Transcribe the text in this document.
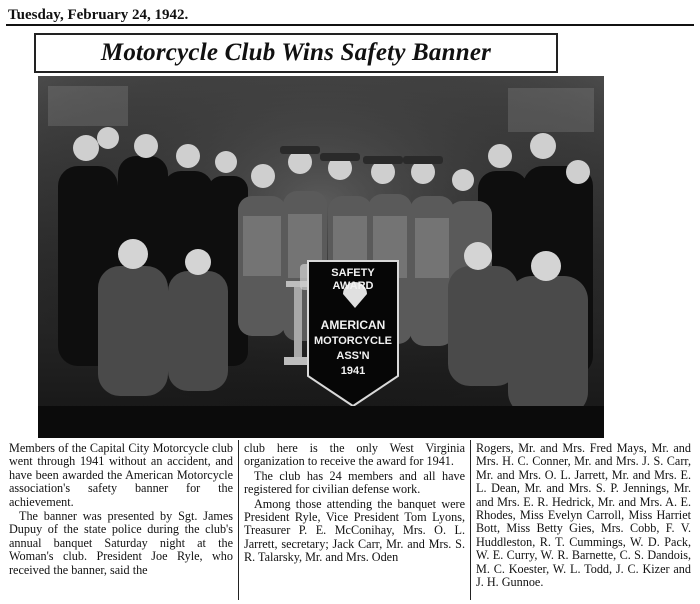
Tuesday, February 24, 1942.
Motorcycle Club Wins Safety Banner
SAFETY
AWARD
AMERICAN
MOTORCYCLE
ASS'N
1941

Members of the Capital City Motorcycle club went through 1941 without an accident, and have been awarded the American Motorcycle association's safety banner for the achievement.

The banner was presented by Sgt. James Dupuy of the state police during the club's annual banquet Saturday night at the Woman's club. President Joe Ryle, who received the banner, said the

club here is the only West Virginia organization to receive the award for 1941.

The club has 24 members and all have registered for civilian defense work.

Among those attending the banquet were President Ryle, Vice President Tom Lyons, Treasurer P. E. McConihay, Mrs. O. L. Jarrett, secretary; Jack Carr, Mr. and Mrs. S. R. Talarsky, Mr. and Mrs. Oden

Rogers, Mr. and Mrs. Fred Mays, Mr. and Mrs. H. C. Conner, Mr. and Mrs. J. S. Carr, Mr. and Mrs. O. L. Jarrett, Mr. and Mrs. E. L. Dean, Mr. and Mrs. S. P. Jennings, Mr. and Mrs. E. R. Hedrick, Mr. and Mrs. A. E. Rhodes, Miss Evelyn Carroll, Miss Harriet Bott, Miss Betty Gies, Mrs. Cobb, F. V. Huddleston, R. T. Cummings, W. D. Pack, W. E. Curry, W. R. Barnette, C. S. Dandois, M. C. Koester, W. L. Todd, J. C. Kizer and J. H. Gunnoe.
